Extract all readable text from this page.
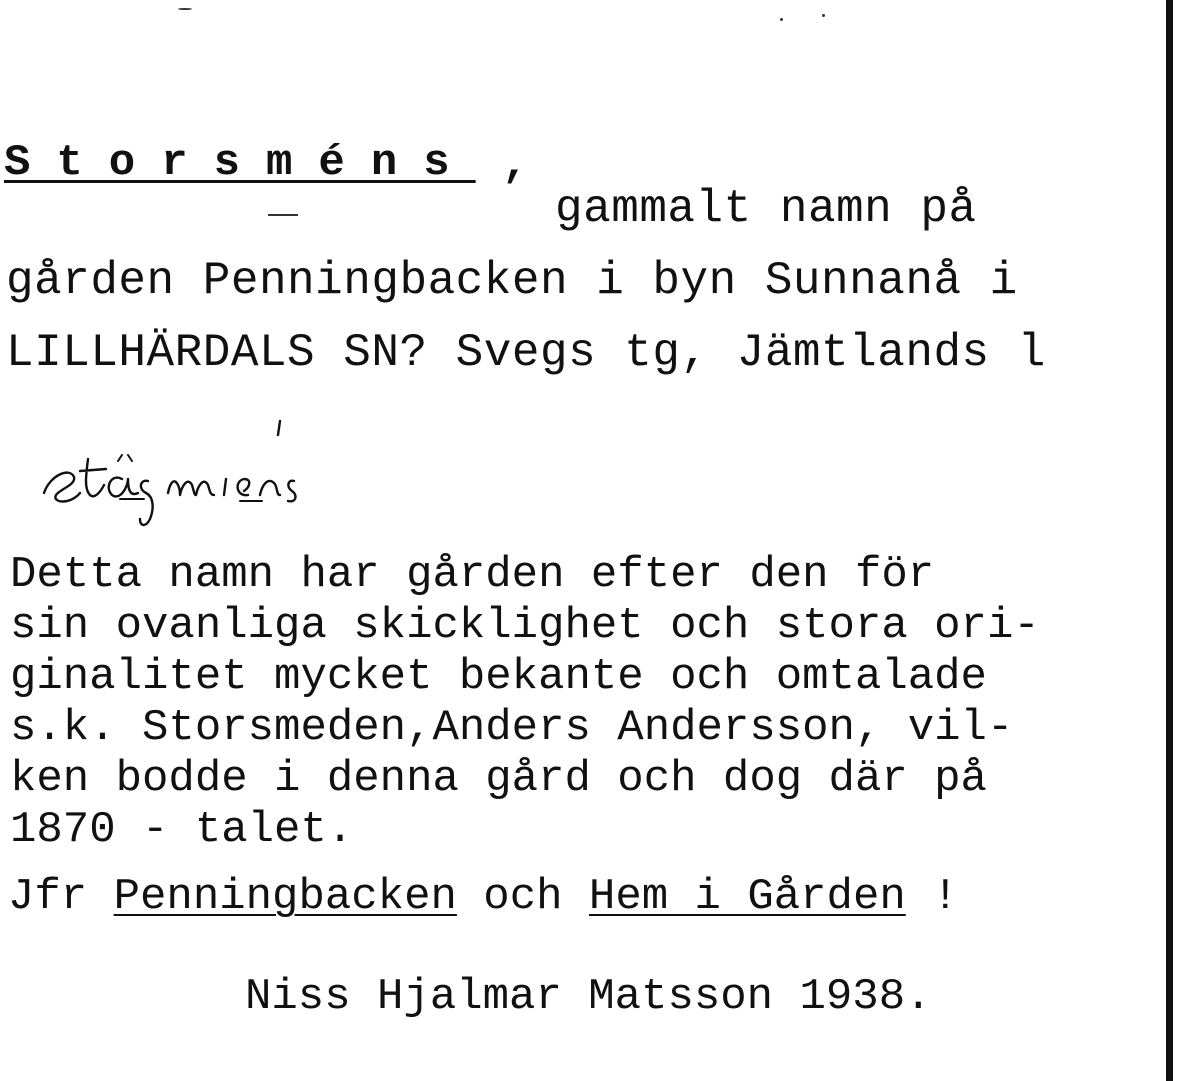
Storsméns ,
gammalt namn på
gården Penningbacken i byn Sunnanå i
LILLHÄRDALS SN? Svegs tg, Jämtlands l
stå̧mėns
Detta namn har gården efter den för
sin ovanliga skicklighet och stora ori-
ginalitet mycket bekante och omtalade
s.k. Storsmeden,Anders Andersson, vil-
ken bodde i denna gård och dog där på
1870 - talet.
Jfr Penningbacken och Hem i Gården !
Niss Hjalmar Matsson 1938.
